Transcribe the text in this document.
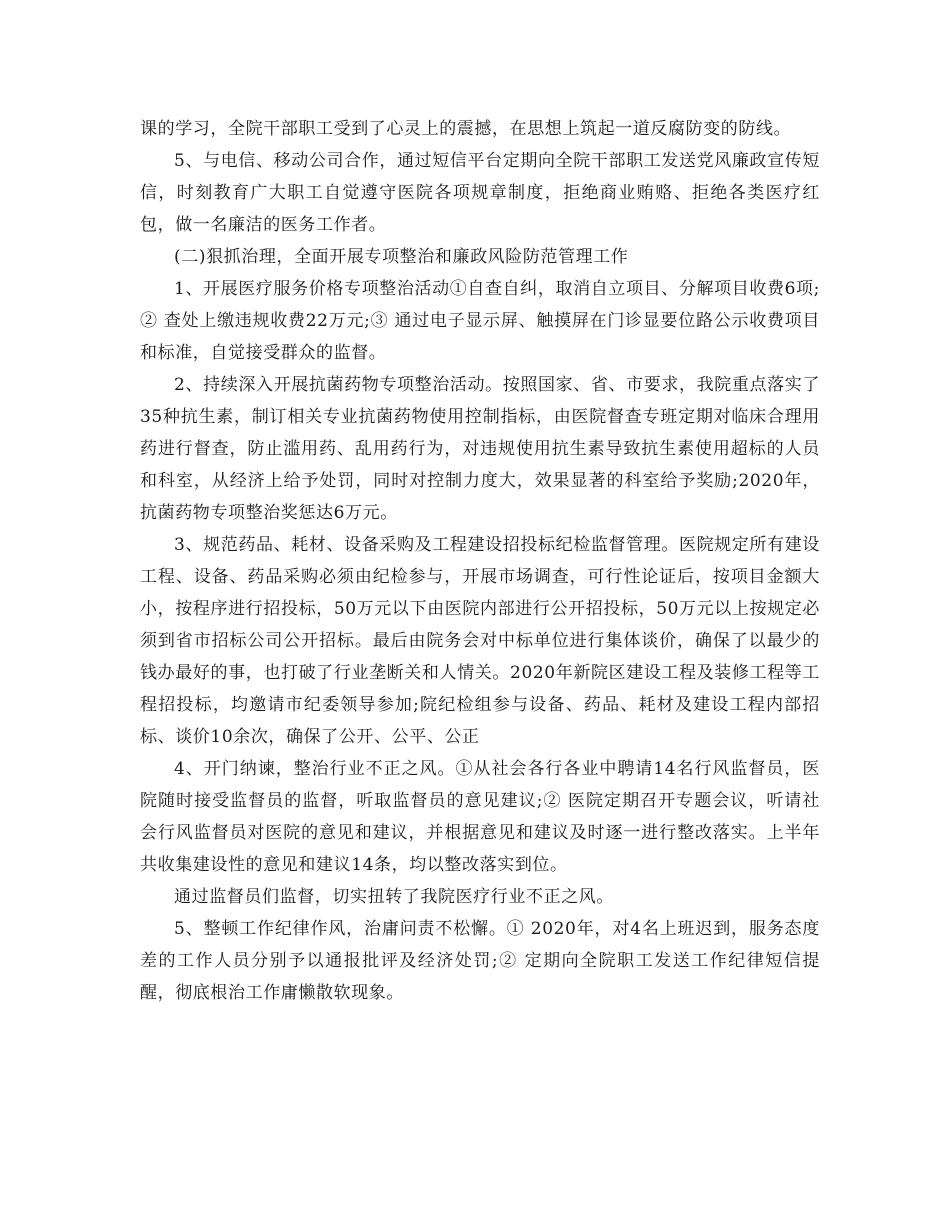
课的学习，全院干部职工受到了心灵上的震撼，在思想上筑起一道反腐防变的防线。

5、与电信、移动公司合作，通过短信平台定期向全院干部职工发送党风廉政宣传短信，时刻教育广大职工自觉遵守医院各项规章制度，拒绝商业贿赂、拒绝各类医疗红包，做一名廉洁的医务工作者。

(二)狠抓治理，全面开展专项整治和廉政风险防范管理工作

1、开展医疗服务价格专项整治活动①自查自纠，取消自立项目、分解项目收费6项;② 查处上缴违规收费22万元;③ 通过电子显示屏、触摸屏在门诊显要位路公示收费项目和标准，自觉接受群众的监督。

2、持续深入开展抗菌药物专项整治活动。按照国家、省、市要求，我院重点落实了35种抗生素，制订相关专业抗菌药物使用控制指标，由医院督查专班定期对临床合理用药进行督查，防止滥用药、乱用药行为，对违规使用抗生素导致抗生素使用超标的人员和科室，从经济上给予处罚，同时对控制力度大，效果显著的科室给予奖励;2020年，抗菌药物专项整治奖惩达6万元。

3、规范药品、耗材、设备采购及工程建设招投标纪检监督管理。医院规定所有建设工程、设备、药品采购必须由纪检参与，开展市场调查，可行性论证后，按项目金额大小，按程序进行招投标，50万元以下由医院内部进行公开招投标，50万元以上按规定必须到省市招标公司公开招标。最后由院务会对中标单位进行集体谈价，确保了以最少的钱办最好的事，也打破了行业垄断关和人情关。2020年新院区建设工程及装修工程等工程招投标，均邀请市纪委领导参加;院纪检组参与设备、药品、耗材及建设工程内部招标、谈价10余次，确保了公开、公平、公正

4、开门纳谏，整治行业不正之风。①从社会各行各业中聘请14名行风监督员，医院随时接受监督员的监督，听取监督员的意见建议;② 医院定期召开专题会议，听请社会行风监督员对医院的意见和建议，并根据意见和建议及时逐一进行整改落实。上半年共收集建设性的意见和建议14条，均以整改落实到位。

通过监督员们监督，切实扭转了我院医疗行业不正之风。

5、整顿工作纪律作风，治庸问责不松懈。① 2020年，对4名上班迟到，服务态度差的工作人员分别予以通报批评及经济处罚;② 定期向全院职工发送工作纪律短信提醒，彻底根治工作庸懒散软现象。
